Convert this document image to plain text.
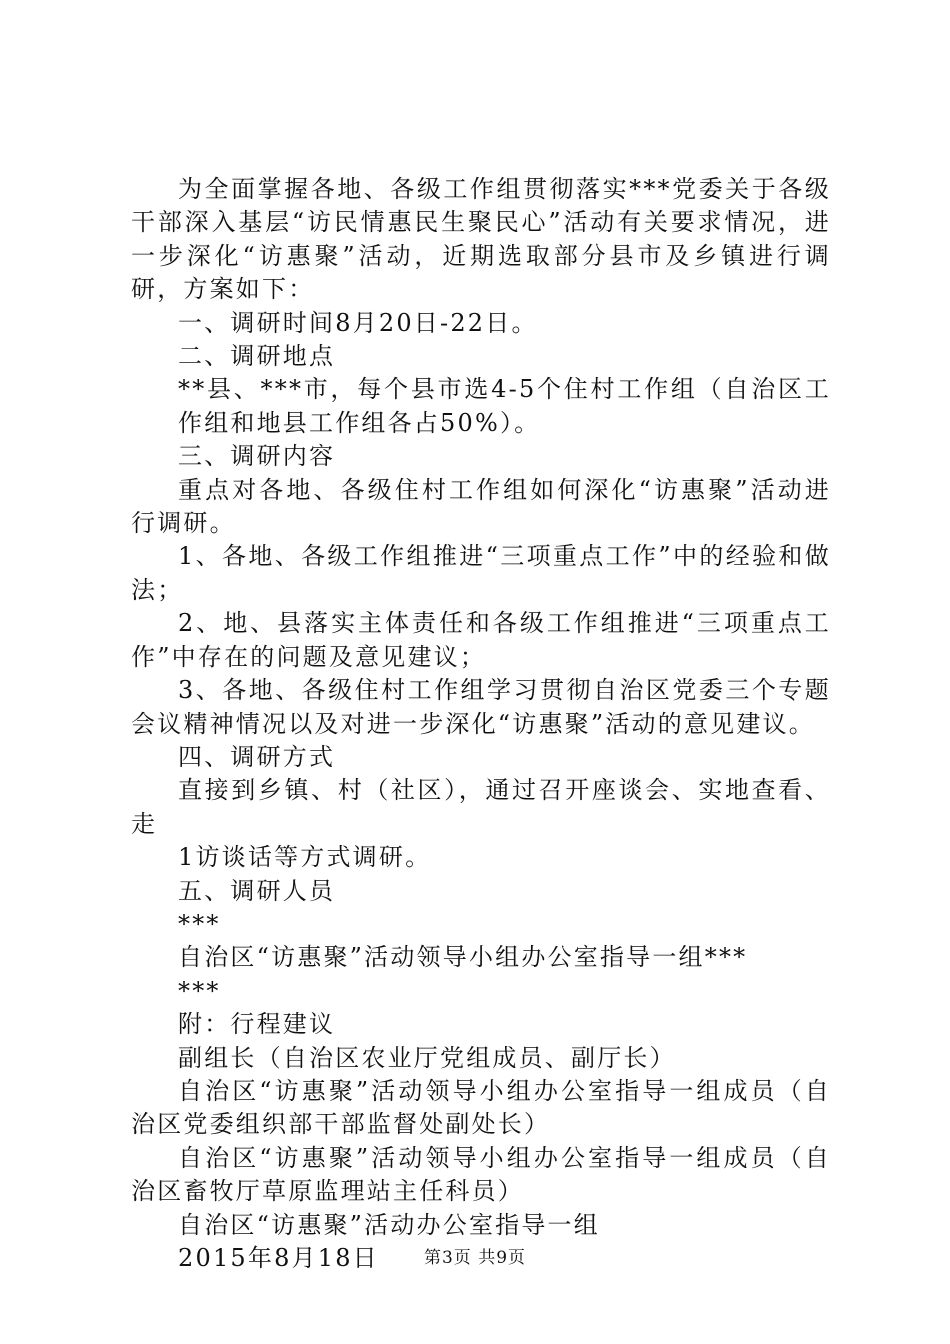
为全面掌握各地、各级工作组贯彻落实***党委关于各级干部深入基层“访民情惠民生聚民心”活动有关要求情况，进一步深化“访惠聚”活动，近期选取部分县市及乡镇进行调研，方案如下：

一、调研时间8月20日-22日。

二、调研地点

**县、***市，每个县市选4-5个住村工作组（自治区工作组和地县工作组各占50%）。

三、调研内容

重点对各地、各级住村工作组如何深化“访惠聚”活动进行调研。

1、各地、各级工作组推进“三项重点工作”中的经验和做法；

2、地、县落实主体责任和各级工作组推进“三项重点工作”中存在的问题及意见建议；

3、各地、各级住村工作组学习贯彻自治区党委三个专题会议精神情况以及对进一步深化“访惠聚”活动的意见建议。

四、调研方式

直接到乡镇、村（社区），通过召开座谈会、实地查看、走

1访谈话等方式调研。

五、调研人员

***

自治区“访惠聚”活动领导小组办公室指导一组***

***

附：行程建议

副组长（自治区农业厅党组成员、副厅长）

自治区“访惠聚”活动领导小组办公室指导一组成员（自治区党委组织部干部监督处副处长）

自治区“访惠聚”活动领导小组办公室指导一组成员（自治区畜牧厅草原监理站主任科员）

自治区“访惠聚”活动办公室指导一组

2015年8月18日	第3页 共9页
